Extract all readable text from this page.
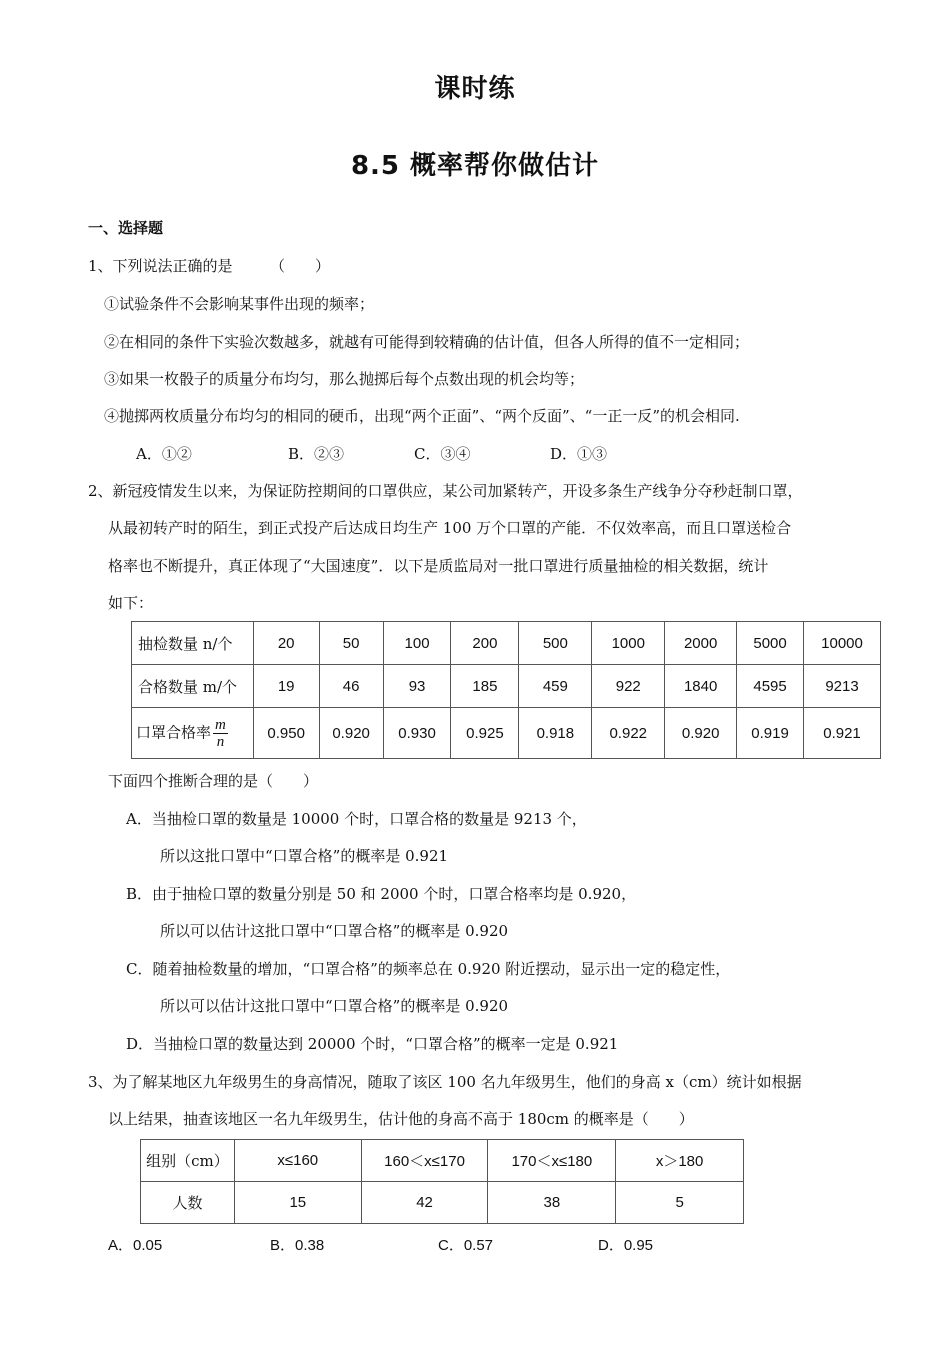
课时练
8.5 概率帮你做估计
一、选择题
1、下列说法正确的是　　　（　　）
①试验条件不会影响某事件出现的频率；
②在相同的条件下实验次数越多，就越有可能得到较精确的估计值，但各人所得的值不一定相同；
③如果一枚骰子的质量分布均匀，那么抛掷后每个点数出现的机会均等；
④抛掷两枚质量分布均匀的相同的硬币，出现“两个正面”、“两个反面”、“一正一反”的机会相同.
A．①②	B．②③	C．③④	D．①③
2、新冠疫情发生以来，为保证防控期间的口罩供应，某公司加紧转产，开设多条生产线争分夺秒赶制口罩，
从最初转产时的陌生，到正式投产后达成日均生产 100 万个口罩的产能．不仅效率高，而且口罩送检合
格率也不断提升，真正体现了“大国速度”．以下是质监局对一批口罩进行质量抽检的相关数据，统计
如下：
抽检数量 n/个	20	50	100	200	500	1000	2000	5000	10000
合格数量 m/个	19	46	93	185	459	922	1840	4595	9213
口罩合格率 $\frac{m}{n}$	0.950	0.920	0.930	0.925	0.918	0.922	0.920	0.919	0.921
下面四个推断合理的是（　　）
A．当抽检口罩的数量是 10000 个时，口罩合格的数量是 9213 个，
所以这批口罩中“口罩合格”的概率是 0.921
B．由于抽检口罩的数量分别是 50 和 2000 个时，口罩合格率均是 0.920，
所以可以估计这批口罩中“口罩合格”的概率是 0.920
C．随着抽检数量的增加，“口罩合格”的频率总在 0.920 附近摆动，显示出一定的稳定性，
所以可以估计这批口罩中“口罩合格”的概率是 0.920
D．当抽检口罩的数量达到 20000 个时，“口罩合格”的概率一定是 0.921
3、为了解某地区九年级男生的身高情况，随取了该区 100 名九年级男生，他们的身高 x（cm）统计如根据
以上结果，抽查该地区一名九年级男生，估计他的身高不高于 180cm 的概率是（　　）
组别（cm）	x≤160	160＜x≤170	170＜x≤180	x＞180
人数	15	42	38	5
A．0.05	B．0.38	C．0.57	D．0.95
